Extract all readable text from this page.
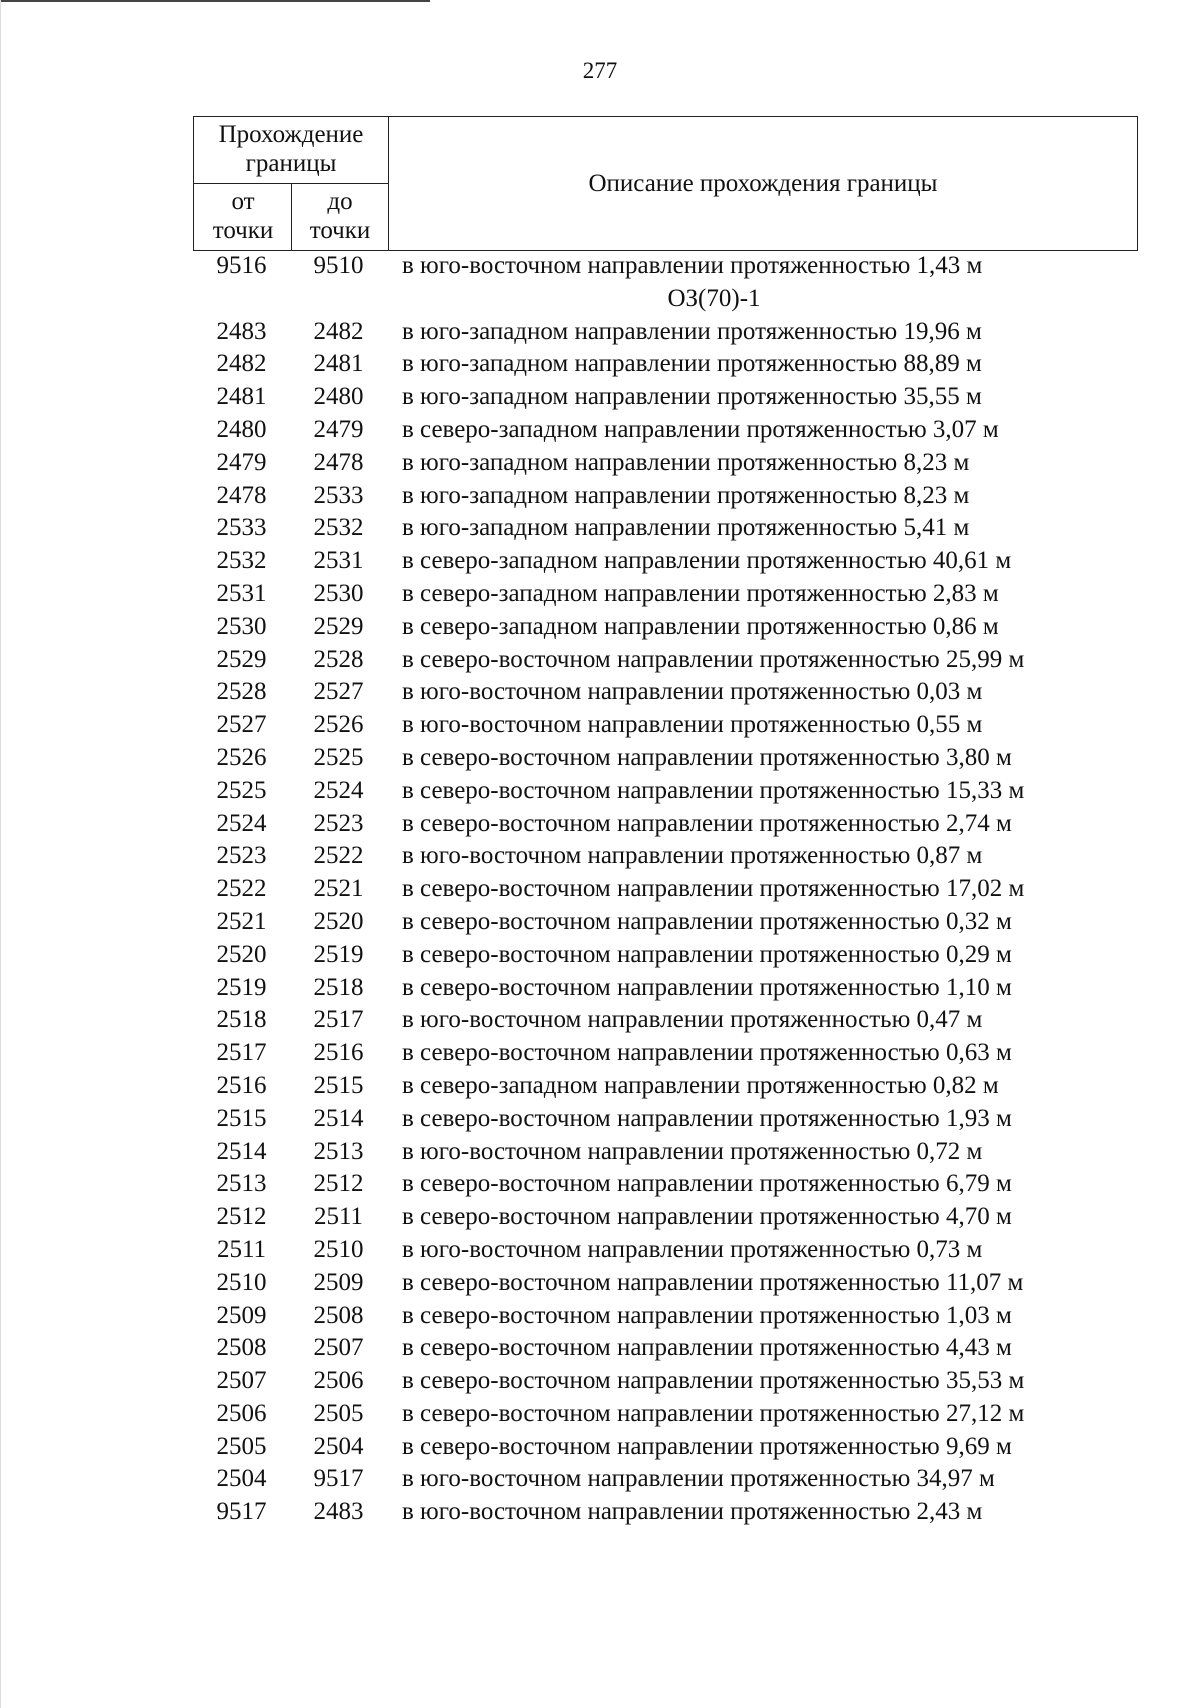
277
Прохождение границы
от точки
до точки
Описание прохождения границы
9516	9510	в юго-восточном направлении протяженностью 1,43 м
ОЗ(70)-1
2483	2482	в юго-западном направлении протяженностью 19,96 м
2482	2481	в юго-западном направлении протяженностью 88,89 м
2481	2480	в юго-западном направлении протяженностью 35,55 м
2480	2479	в северо-западном направлении протяженностью 3,07 м
2479	2478	в юго-западном направлении протяженностью 8,23 м
2478	2533	в юго-западном направлении протяженностью 8,23 м
2533	2532	в юго-западном направлении протяженностью 5,41 м
2532	2531	в северо-западном направлении протяженностью 40,61 м
2531	2530	в северо-западном направлении протяженностью 2,83 м
2530	2529	в северо-западном направлении протяженностью 0,86 м
2529	2528	в северо-восточном направлении протяженностью 25,99 м
2528	2527	в юго-восточном направлении протяженностью 0,03 м
2527	2526	в юго-восточном направлении протяженностью 0,55 м
2526	2525	в северо-восточном направлении протяженностью 3,80 м
2525	2524	в северо-восточном направлении протяженностью 15,33 м
2524	2523	в северо-восточном направлении протяженностью 2,74 м
2523	2522	в юго-восточном направлении протяженностью 0,87 м
2522	2521	в северо-восточном направлении протяженностью 17,02 м
2521	2520	в северо-восточном направлении протяженностью 0,32 м
2520	2519	в северо-восточном направлении протяженностью 0,29 м
2519	2518	в северо-восточном направлении протяженностью 1,10 м
2518	2517	в юго-восточном направлении протяженностью 0,47 м
2517	2516	в северо-восточном направлении протяженностью 0,63 м
2516	2515	в северо-западном направлении протяженностью 0,82 м
2515	2514	в северо-восточном направлении протяженностью 1,93 м
2514	2513	в юго-восточном направлении протяженностью 0,72 м
2513	2512	в северо-восточном направлении протяженностью 6,79 м
2512	2511	в северо-восточном направлении протяженностью 4,70 м
2511	2510	в юго-восточном направлении протяженностью 0,73 м
2510	2509	в северо-восточном направлении протяженностью 11,07 м
2509	2508	в северо-восточном направлении протяженностью 1,03 м
2508	2507	в северо-восточном направлении протяженностью 4,43 м
2507	2506	в северо-восточном направлении протяженностью 35,53 м
2506	2505	в северо-восточном направлении протяженностью 27,12 м
2505	2504	в северо-восточном направлении протяженностью 9,69 м
2504	9517	в юго-восточном направлении протяженностью 34,97 м
9517	2483	в юго-восточном направлении протяженностью 2,43 м
